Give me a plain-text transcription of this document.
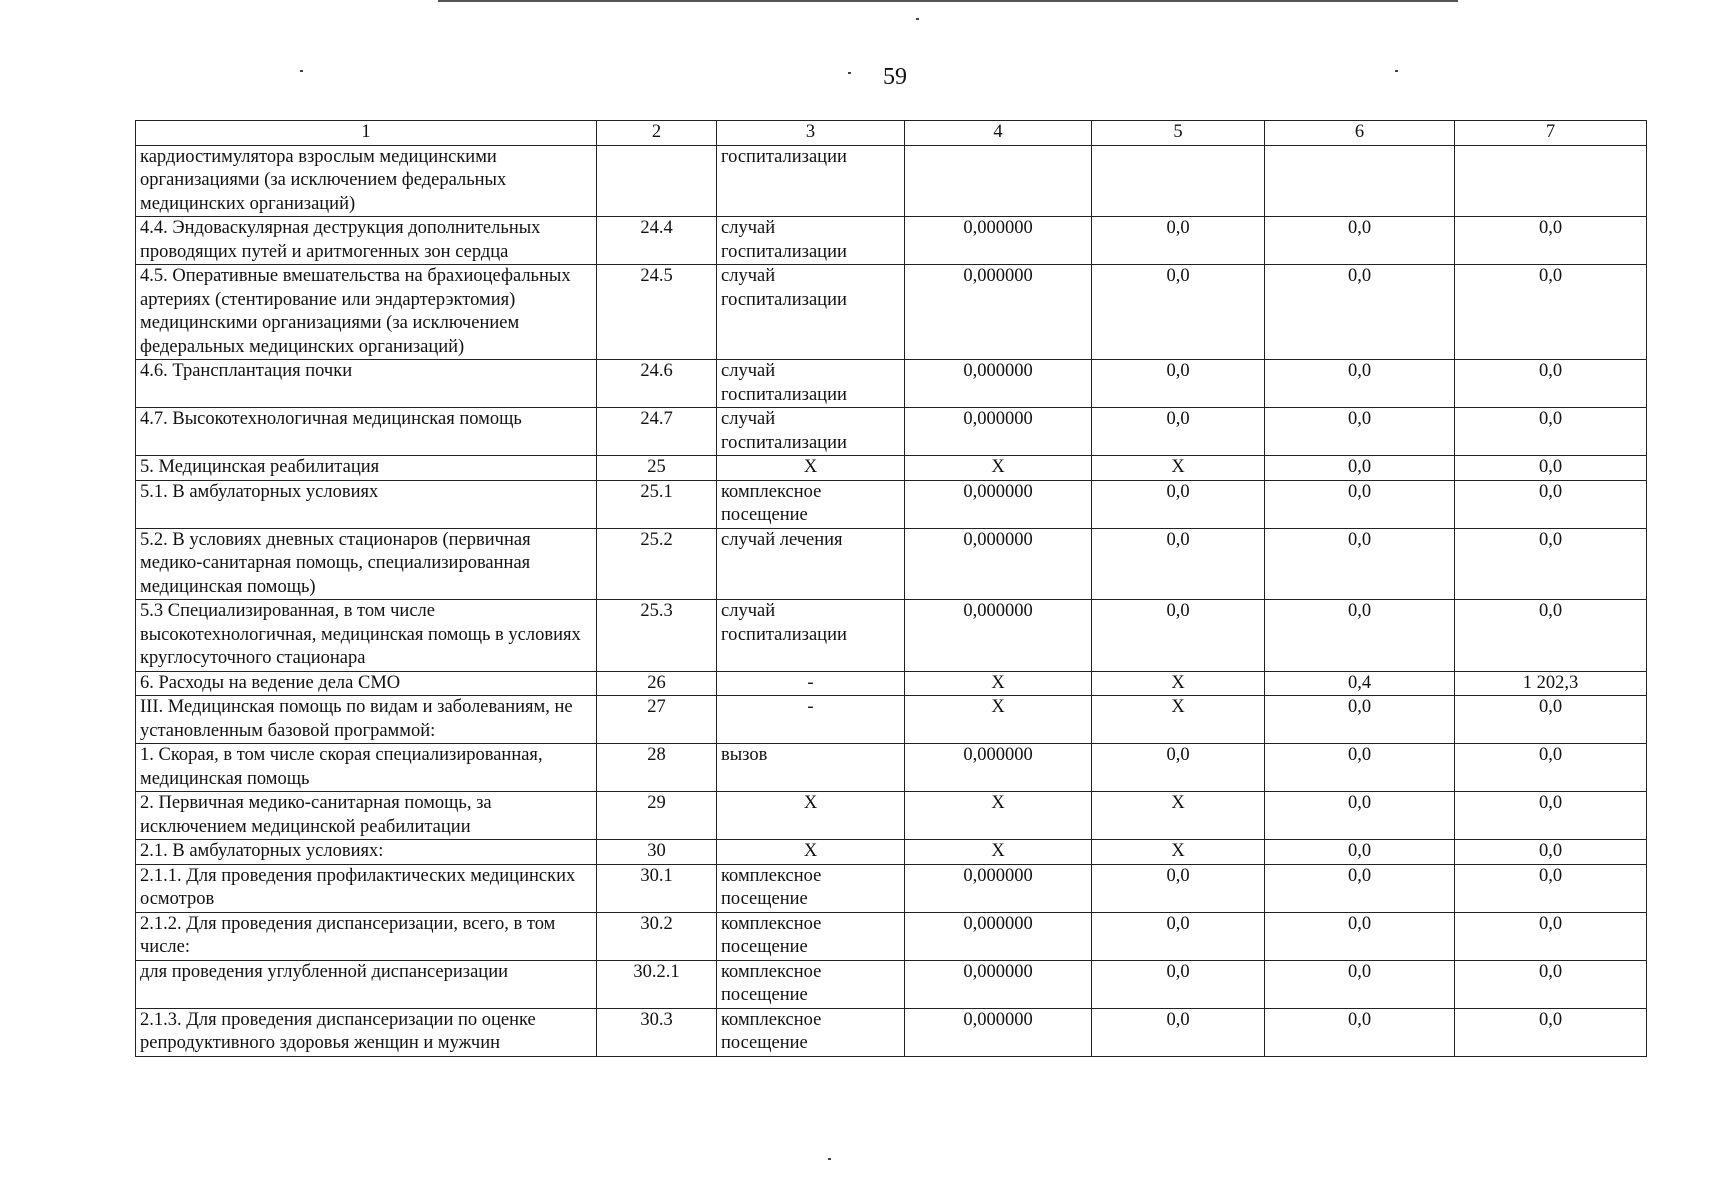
59
1	2	3	4	5	6	7
кардиостимулятора взрослым медицинскими организациями (за исключением федеральных медицинских организаций)		госпитализации				
4.4. Эндоваскулярная деструкция дополнительных проводящих путей и аритмогенных зон сердца	24.4	случай госпитализации	0,000000	0,0	0,0	0,0
4.5. Оперативные вмешательства на брахиоцефальных артериях (стентирование или эндартерэктомия) медицинскими организациями (за исключением федеральных медицинских организаций)	24.5	случай госпитализации	0,000000	0,0	0,0	0,0
4.6. Трансплантация почки	24.6	случай госпитализации	0,000000	0,0	0,0	0,0
4.7. Высокотехнологичная медицинская помощь	24.7	случай госпитализации	0,000000	0,0	0,0	0,0
5. Медицинская реабилитация	25	Х	Х	Х	0,0	0,0
5.1. В амбулаторных условиях	25.1	комплексное посещение	0,000000	0,0	0,0	0,0
5.2. В условиях дневных стационаров (первичная медико-санитарная помощь, специализированная медицинская помощь)	25.2	случай лечения	0,000000	0,0	0,0	0,0
5.3 Специализированная, в том числе высокотехнологичная, медицинская помощь в условиях круглосуточного стационара	25.3	случай госпитализации	0,000000	0,0	0,0	0,0
6. Расходы на ведение дела СМО	26	-	Х	Х	0,4	1 202,3
III. Медицинская помощь по видам и заболеваниям, не установленным базовой программой:	27	-	Х	Х	0,0	0,0
1. Скорая, в том числе скорая специализированная, медицинская помощь	28	вызов	0,000000	0,0	0,0	0,0
2. Первичная медико-санитарная помощь, за исключением медицинской реабилитации	29	Х	Х	Х	0,0	0,0
2.1. В амбулаторных условиях:	30	Х	Х	Х	0,0	0,0
2.1.1. Для проведения профилактических медицинских осмотров	30.1	комплексное посещение	0,000000	0,0	0,0	0,0
2.1.2. Для проведения диспансеризации, всего, в том числе:	30.2	комплексное посещение	0,000000	0,0	0,0	0,0
для проведения углубленной диспансеризации	30.2.1	комплексное посещение	0,000000	0,0	0,0	0,0
2.1.3. Для проведения диспансеризации по оценке репродуктивного здоровья женщин и мужчин	30.3	комплексное посещение	0,000000	0,0	0,0	0,0
